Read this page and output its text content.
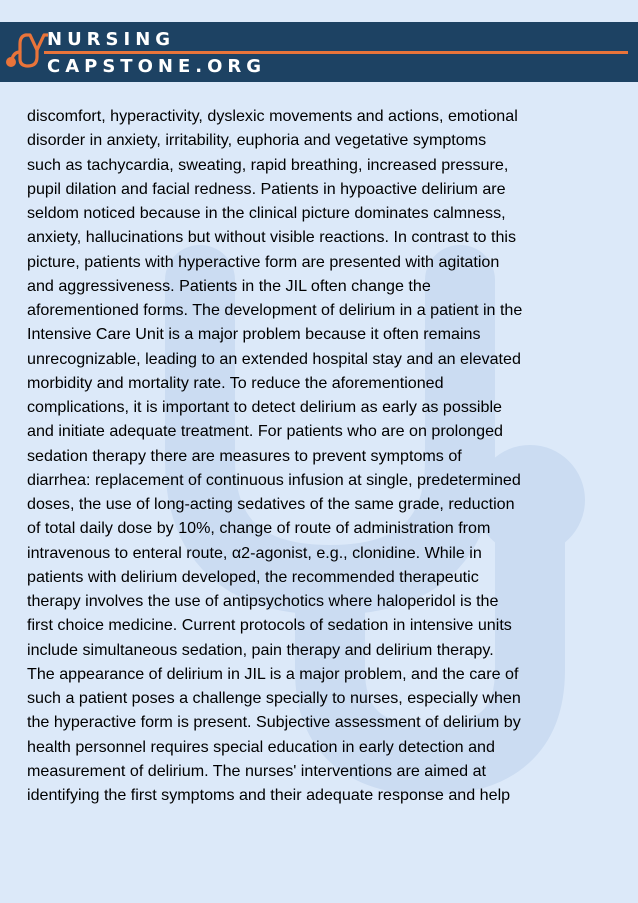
NURSING
CAPSTONE.ORG
discomfort, hyperactivity, dyslexic movements and actions, emotional
disorder in anxiety, irritability, euphoria and vegetative symptoms
such as tachycardia, sweating, rapid breathing, increased pressure,
pupil dilation and facial redness. Patients in hypoactive delirium are
seldom noticed because in the clinical picture dominates calmness,
anxiety, hallucinations but without visible reactions. In contrast to this
picture, patients with hyperactive form are presented with agitation
and aggressiveness. Patients in the JIL often change the
aforementioned forms. The development of delirium in a patient in the
Intensive Care Unit is a major problem because it often remains
unrecognizable, leading to an extended hospital stay and an elevated
morbidity and mortality rate. To reduce the aforementioned
complications, it is important to detect delirium as early as possible
and initiate adequate treatment. For patients who are on prolonged
sedation therapy there are measures to prevent symptoms of
diarrhea: replacement of continuous infusion at single, predetermined
doses, the use of long-acting sedatives of the same grade, reduction
of total daily dose by 10%, change of route of administration from
intravenous to enteral route, α2-agonist, e.g., clonidine. While in
patients with delirium developed, the recommended therapeutic
therapy involves the use of antipsychotics where haloperidol is the
first choice medicine. Current protocols of sedation in intensive units
include simultaneous sedation, pain therapy and delirium therapy.
The appearance of delirium in JIL is a major problem, and the care of
such a patient poses a challenge specially to nurses, especially when
the hyperactive form is present. Subjective assessment of delirium by
health personnel requires special education in early detection and
measurement of delirium. The nurses' interventions are aimed at
identifying the first symptoms and their adequate response and help
